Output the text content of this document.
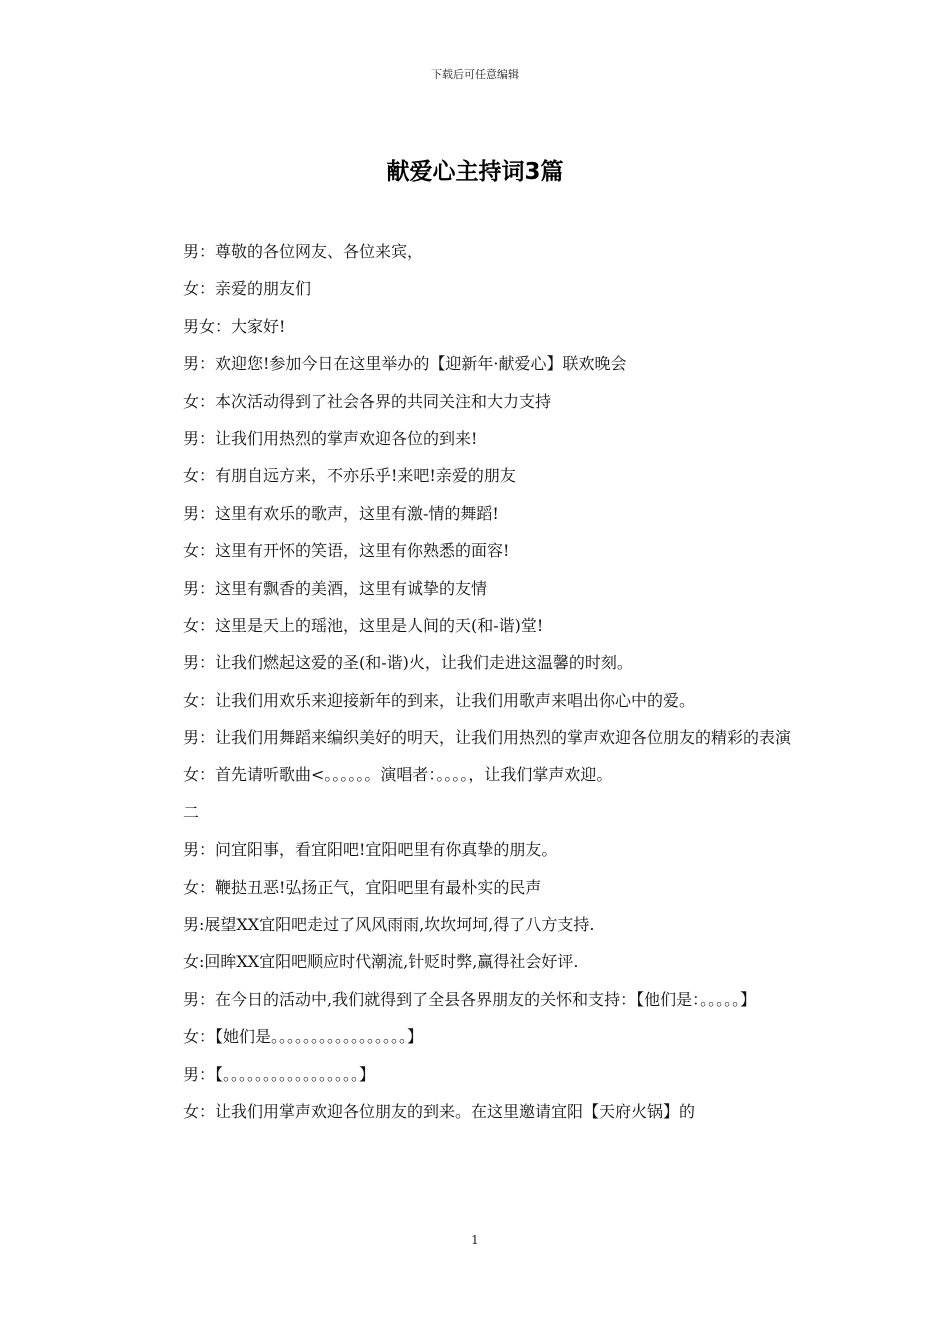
下载后可任意编辑
献爱心主持词3篇
男：尊敬的各位网友、各位来宾，
女：亲爱的朋友们
男女：大家好!
男：欢迎您!参加今日在这里举办的【迎新年·献爱心】联欢晚会
女：本次活动得到了社会各界的共同关注和大力支持
男：让我们用热烈的掌声欢迎各位的到来!
女：有朋自远方来，不亦乐乎!来吧!亲爱的朋友
男：这里有欢乐的歌声，这里有激-情的舞蹈!
女：这里有开怀的笑语，这里有你熟悉的面容!
男：这里有飘香的美酒，这里有诚挚的友情
女：这里是天上的瑶池，这里是人间的天(和-谐)堂!
男：让我们燃起这爱的圣(和-谐)火，让我们走进这温馨的时刻。
女：让我们用欢乐来迎接新年的到来，让我们用歌声来唱出你心中的爱。
男：让我们用舞蹈来编织美好的明天，让我们用热烈的掌声欢迎各位朋友的精彩的表演
女：首先请听歌曲<。。。。。。演唱者：。。。。，让我们掌声欢迎。
二
男：问宜阳事，看宜阳吧!宜阳吧里有你真挚的朋友。
女：鞭挞丑恶!弘扬正气，宜阳吧里有最朴实的民声
男:展望XX宜阳吧走过了风风雨雨,坎坎坷坷,得了八方支持.
女:回眸XX宜阳吧顺应时代潮流,针贬时弊,赢得社会好评.
男：在今日的活动中,我们就得到了全县各界朋友的关怀和支持：【他们是：。。。。。】
女：【她们是。。。。。。。。。。。。。。。。。】
男：【。。。。。。。。。。。。。。。。。】
女：让我们用掌声欢迎各位朋友的到来。在这里邀请宜阳【天府火锅】的
1
